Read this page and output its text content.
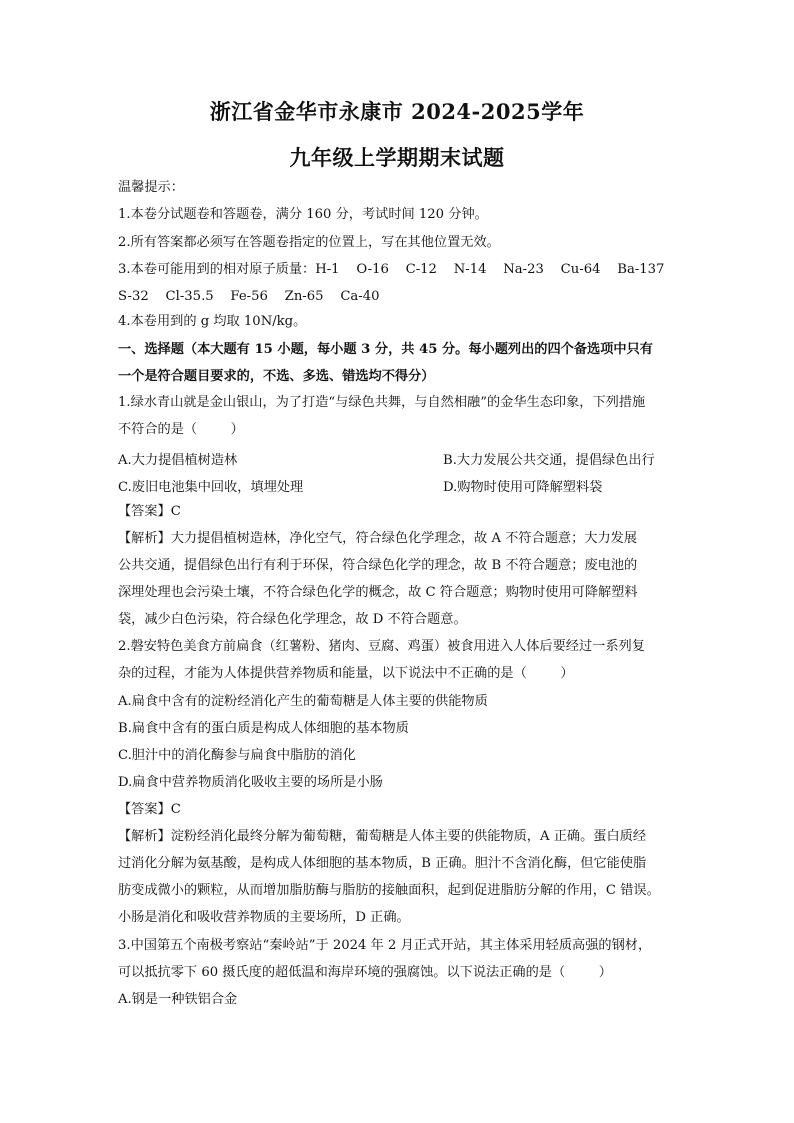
浙江省金华市永康市 2024-2025学年
九年级上学期期末试题
温馨提示：
1.本卷分试题卷和答题卷，满分 160 分，考试时间 120 分钟。
2.所有答案都必须写在答题卷指定的位置上，写在其他位置无效。
3.本卷可能用到的相对原子质量：H-1    O-16    C-12    N-14    Na-23    Cu-64    Ba-137
S-32    Cl-35.5    Fe-56    Zn-65    Ca-40
4.本卷用到的 g 均取 10N/kg。
一、选择题（本大题有 15 小题，每小题 3 分，共 45 分。每小题列出的四个备选项中只有
一个是符合题目要求的，不选、多选、错选均不得分）
1.绿水青山就是金山银山，为了打造“与绿色共舞，与自然相融”的金华生态印象，下列措施
不符合的是（        ）
A.大力提倡植树造林	B.大力发展公共交通，提倡绿色出行
C.废旧电池集中回收，填埋处理	D.购物时使用可降解塑料袋
【答案】C
【解析】大力提倡植树造林，净化空气，符合绿色化学理念，故 A 不符合题意；大力发展
公共交通，提倡绿色出行有利于环保，符合绿色化学的理念，故 B 不符合题意；废电池的
深埋处理也会污染土壤，不符合绿色化学的概念，故 C 符合题意；购物时使用可降解塑料
袋，减少白色污染，符合绿色化学理念，故 D 不符合题意。
2.磐安特色美食方前扁食（红薯粉、猪肉、豆腐、鸡蛋）被食用进入人体后要经过一系列复
杂的过程，才能为人体提供营养物质和能量，以下说法中不正确的是（        ）
A.扁食中含有的淀粉经消化产生的葡萄糖是人体主要的供能物质
B.扁食中含有的蛋白质是构成人体细胞的基本物质
C.胆汁中的消化酶参与扁食中脂肪的消化
D.扁食中营养物质消化吸收主要的场所是小肠
【答案】C
【解析】淀粉经消化最终分解为葡萄糖，葡萄糖是人体主要的供能物质，A 正确。蛋白质经
过消化分解为氨基酸，是构成人体细胞的基本物质，B 正确。胆汁不含消化酶，但它能使脂
肪变成微小的颗粒，从而增加脂肪酶与脂肪的接触面积，起到促进脂肪分解的作用，C 错误。
小肠是消化和吸收营养物质的主要场所，D 正确。
3.中国第五个南极考察站“秦岭站”于 2024 年 2 月正式开站，其主体采用轻质高强的钢材，
可以抵抗零下 60 摄氏度的超低温和海岸环境的强腐蚀。以下说法正确的是（        ）
A.钢是一种铁铝合金
